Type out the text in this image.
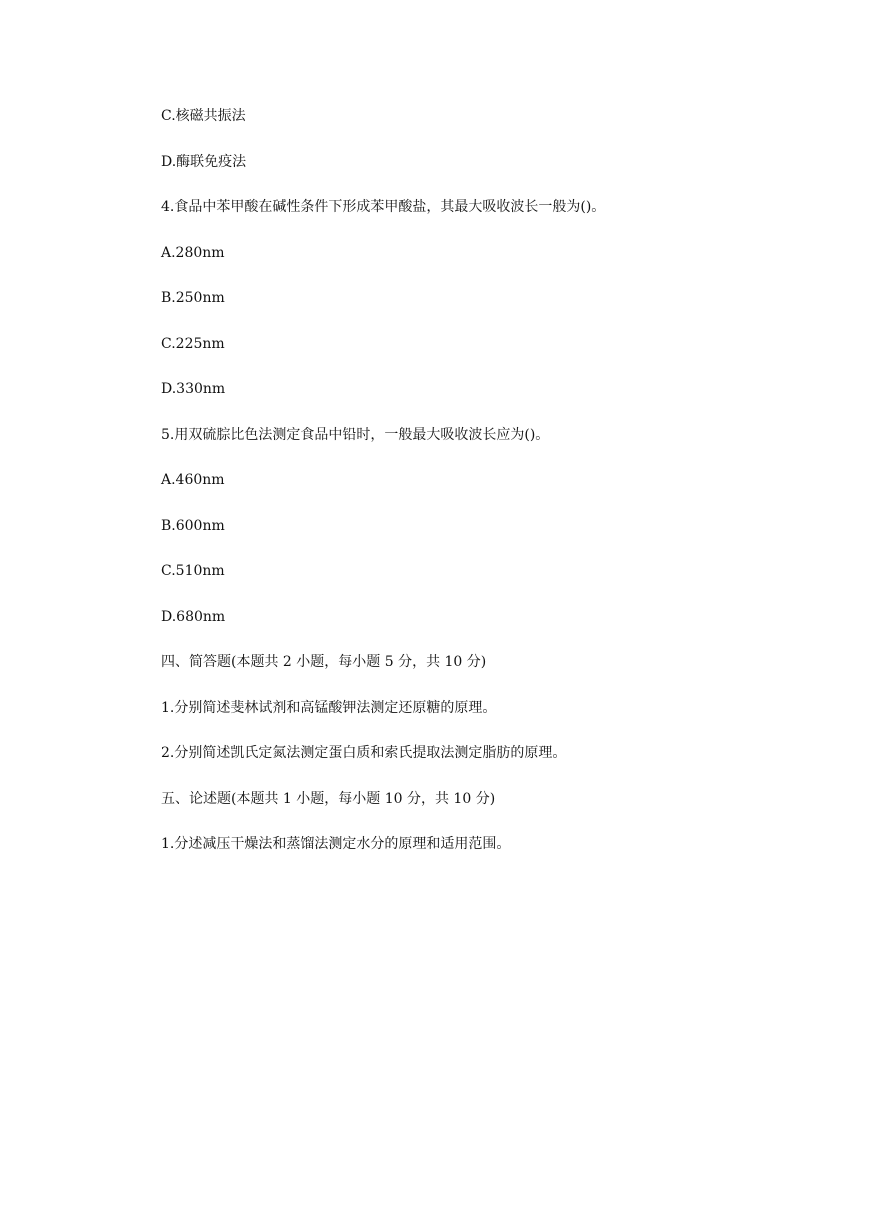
C.核磁共振法
D.酶联免疫法
4.食品中苯甲酸在碱性条件下形成苯甲酸盐，其最大吸收波长一般为()。
A.280nm
B.250nm
C.225nm
D.330nm
5.用双硫腙比色法测定食品中铅时，一般最大吸收波长应为()。
A.460nm
B.600nm
C.510nm
D.680nm
四、简答题(本题共 2 小题，每小题 5 分，共 10 分)
1.分别简述斐林试剂和高锰酸钾法测定还原糖的原理。
2.分别简述凯氏定氮法测定蛋白质和索氏提取法测定脂肪的原理。
五、论述题(本题共 1 小题，每小题 10 分，共 10 分)
1.分述减压干燥法和蒸馏法测定水分的原理和适用范围。
